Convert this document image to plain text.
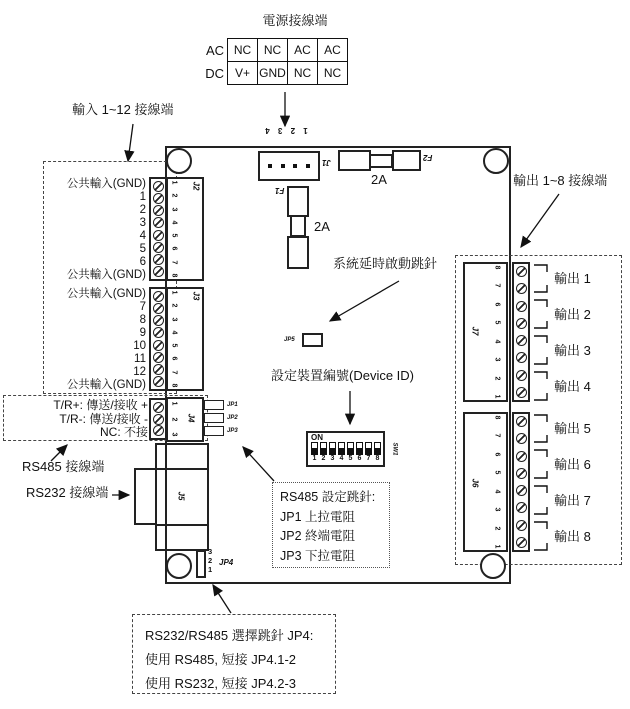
電源接線端
NC	NC	AC	AC
V+	GND	NC	NC
AC
DC
1 2 3 4
J1
F2
2A
F1
2A
JP5
1
2
3
4
5
6
7
8
J2
1
2
3
4
5
6
7
8
J3
公共輸入(GND)
1
2
3
4
5
6
公共輸入(GND)
公共輸入(GND)
7
8
9
10
11
12
公共輸入(GND)
1
2
3
J4
JP1
JP2
JP3
T/R+: 傳送/接收 +
T/R-: 傳送/接收 -
NC: 不接
J5
3
2
1
JP4
ON
1 2 3 4 5 6 7 8
SW1
8
7
6
5
4
3
2
1
J7
8
7
6
5
4
3
2
1
J6
輸出 1
輸出 2
輸出 3
輸出 4
輸出 5
輸出 6
輸出 7
輸出 8
輸入 1~12 接線端
輸出 1~8 接線端
系統延時啟動跳針
設定裝置編號(Device ID)
RS485 接線端
RS232 接線端	RS485 設定跳針:
JP1 上拉電阻
JP2 終端電阻
JP3 下拉電阻
RS232/RS485 選擇跳針 JP4:
使用 RS485, 短接 JP4.1-2
使用 RS232, 短接 JP4.2-3
